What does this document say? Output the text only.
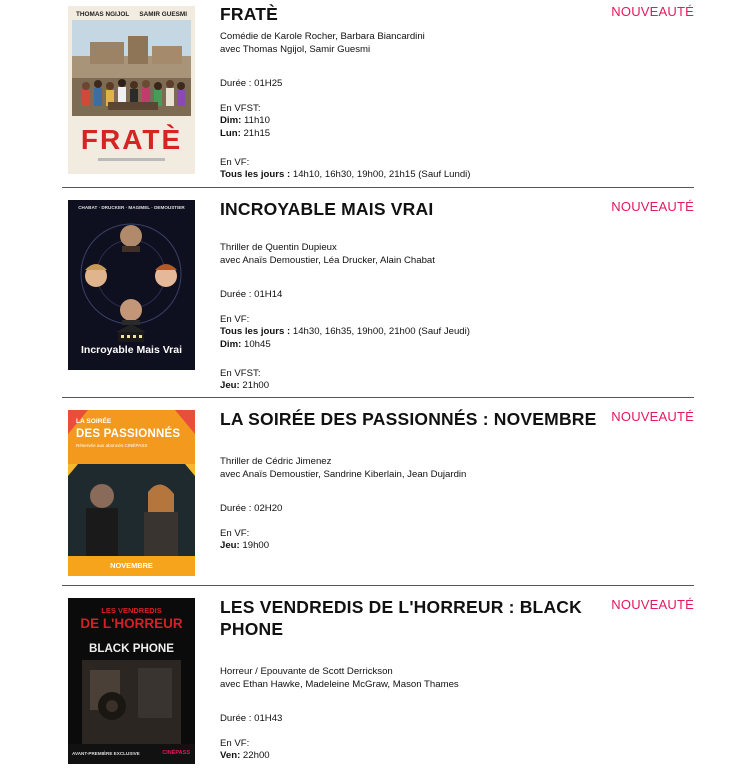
THOMAS NGIJOL SAMIR GUESMI
FRATÈ
FRATÈ
Comédie de Karole Rocher, Barbara Biancardini
avec Thomas Ngijol, Samir Guesmi
Durée : 01H25
En VFST:
Dim: 11h10
Lun: 21h15
En VF:
Tous les jours : 14h10, 16h30, 19h00, 21h15 (Sauf Lundi)
NOUVEAUTÉ
CHABAT · DRUCKER · MAGIMEL · DEMOUSTIER
Incroyable Mais Vrai
INCROYABLE MAIS VRAI
Thriller de Quentin Dupieux
avec Anaïs Demoustier, Léa Drucker, Alain Chabat
Durée : 01H14
En VF:
Tous les jours : 14h30, 16h35, 19h00, 21h00 (Sauf Jeudi)
Dim: 10h45
En VFST:
Jeu: 21h00
NOUVEAUTÉ
LA SOIRÉE
DES PASSIONNÉS
Réservée aux abonnés CINÉPASS
NOVEMBRE
LA SOIRÉE DES PASSIONNÉS : NOVEMBRE
Thriller de Cédric Jimenez
avec Anaïs Demoustier, Sandrine Kiberlain, Jean Dujardin
Durée : 02H20
En VF:
Jeu: 19h00
NOUVEAUTÉ
LES VENDREDIS
DE L'HORREUR
BLACK PHONE
AVANT-PREMIÈRE EXCLUSIVE	CINÉPASS
LES VENDREDIS DE L'HORREUR : BLACK
PHONE
Horreur / Epouvante de Scott Derrickson
avec Ethan Hawke, Madeleine McGraw, Mason Thames
Durée : 01H43
En VF:
Ven: 22h00
NOUVEAUTÉ
